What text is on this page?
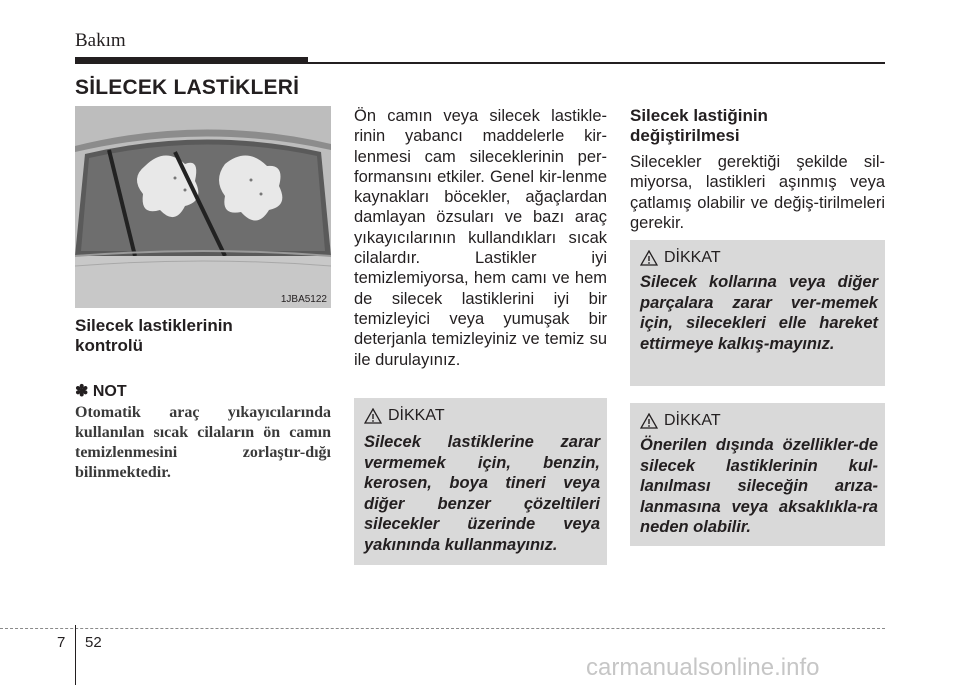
Bakım
SİLECEK LASTİKLERİ
1JBA5122
Silecek lastiklerinin
kontrolü
✽ NOT
Otomatik araç yıkayıcılarında kullanılan sıcak cilaların ön camın temizlenmesini zorlaştır-dığı bilinmektedir.
Ön camın veya silecek lastikle-rinin yabancı maddelerle kir-lenmesi cam sileceklerinin per-formansını etkiler. Genel kir-lenme kaynakları böcekler, ağaçlardan damlayan özsuları ve bazı araç yıkayıcılarının kullandıkları sıcak cilalardır. Lastikler iyi temizlemiyorsa, hem camı ve hem de silecek lastiklerini iyi bir temizleyici veya yumuşak bir deterjanla temizleyiniz ve temiz su ile durulayınız.
DİKKAT
Silecek lastiklerine zarar vermemek için, benzin, kerosen, boya tineri veya diğer benzer çözeltileri silecekler üzerinde veya yakınında kullanmayınız.
Silecek lastiğinin
değiştirilmesi
Silecekler gerektiği şekilde sil-miyorsa, lastikleri aşınmış veya çatlamış olabilir ve değiş-tirilmeleri gerekir.
DİKKAT
Silecek kollarına veya diğer parçalara zarar ver-memek için, silecekleri elle hareket ettirmeye kalkış-mayınız.
DİKKAT
Önerilen dışında özellikler-de silecek lastiklerinin kul-lanılması sileceğin arıza-lanmasına veya aksaklıkla-ra neden olabilir.
7 52
carmanualsonline.info
